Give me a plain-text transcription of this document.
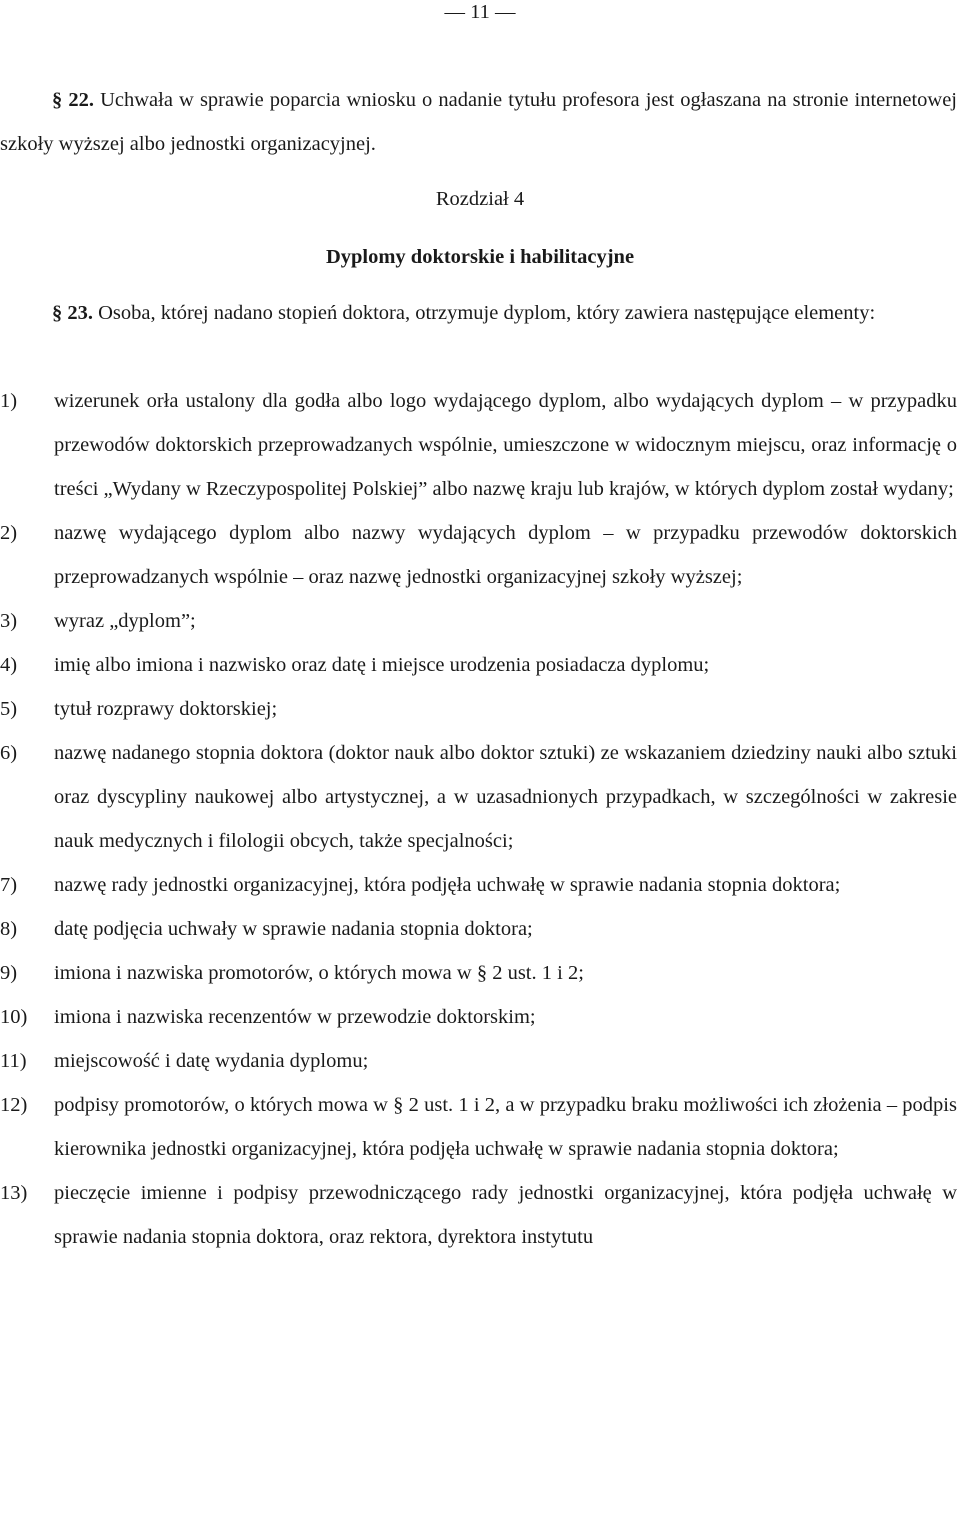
— 11 —

§ 22. Uchwała w sprawie poparcia wniosku o nadanie tytułu profesora jest ogłaszana na stronie internetowej szkoły wyższej albo jednostki organizacyjnej.

Rozdział 4
Dyplomy doktorskie i habilitacyjne

§ 23. Osoba, której nadano stopień doktora, otrzymuje dyplom, który zawiera następujące elementy:

1) wizerunek orła ustalony dla godła albo logo wydającego dyplom, albo wydających dyplom – w przypadku przewodów doktorskich przeprowadzanych wspólnie, umieszczone w widocznym miejscu, oraz informację o treści „Wydany w Rzeczypospolitej Polskiej” albo nazwę kraju lub krajów, w których dyplom został wydany;
2) nazwę wydającego dyplom albo nazwy wydających dyplom – w przypadku przewodów doktorskich przeprowadzanych wspólnie – oraz nazwę jednostki organizacyjnej szkoły wyższej;
3) wyraz „dyplom”;
4) imię albo imiona i nazwisko oraz datę i miejsce urodzenia posiadacza dyplomu;
5) tytuł rozprawy doktorskiej;
6) nazwę nadanego stopnia doktora (doktor nauk albo doktor sztuki) ze wskazaniem dziedziny nauki albo sztuki oraz dyscypliny naukowej albo artystycznej, a w uzasadnionych przypadkach, w szczególności w zakresie nauk medycznych i filologii obcych, także specjalności;
7) nazwę rady jednostki organizacyjnej, która podjęła uchwałę w sprawie nadania stopnia doktora;
8) datę podjęcia uchwały w sprawie nadania stopnia doktora;
9) imiona i nazwiska promotorów, o których mowa w § 2 ust. 1 i 2;
10) imiona i nazwiska recenzentów w przewodzie doktorskim;
11) miejscowość i datę wydania dyplomu;
12) podpisy promotorów, o których mowa w § 2 ust. 1 i 2, a w przypadku braku możliwości ich złożenia – podpis kierownika jednostki organizacyjnej, która podjęła uchwałę w sprawie nadania stopnia doktora;
13) pieczęcie imienne i podpisy przewodniczącego rady jednostki organizacyjnej, która podjęła uchwałę w sprawie nadania stopnia doktora, oraz rektora, dyrektora instytutu
